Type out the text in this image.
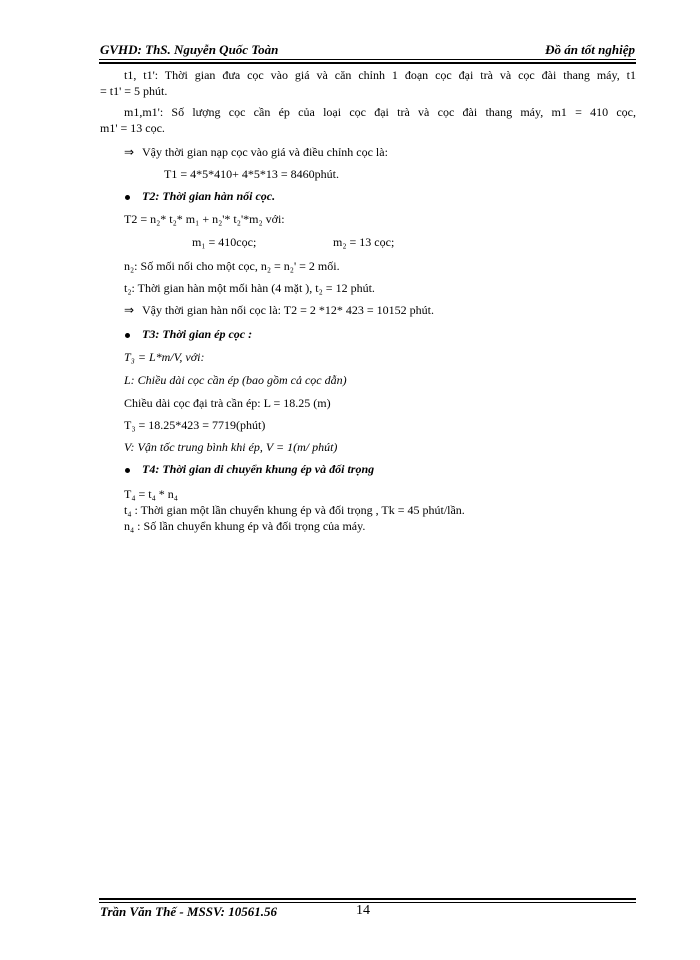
GVHD: ThS. Nguyễn Quốc Toàn	Đồ án tốt nghiệp
t1, t1': Thời gian đưa cọc vào giá và căn chỉnh 1 đoạn cọc đại trà và cọc đài thang máy, t1
= t1' = 5 phút.
m1,m1': Số lượng cọc cần ép của loại cọc đại trà và cọc đài thang máy, m1 = 410 cọc,
m1' = 13 cọc.
⇒ Vậy thời gian nạp cọc vào giá và điều chỉnh cọc là:
T1 = 4*5*410+ 4*5*13 = 8460phút.
T2: Thời gian hàn nối cọc.
T2 = n₂* t₂* m₁ + n₂'* t₂'*m₂ với:
m₁ = 410cọc;	m₂ = 13 cọc;
n₂: Số mối nối cho một cọc, n₂ = n₂' = 2 mối.
t₂: Thời gian hàn một mối hàn (4 mặt ), t₂ = 12 phút.
⇒ Vậy thời gian hàn nối cọc là: T2 = 2 *12* 423 = 10152 phút.
T3: Thời gian ép cọc :
T₃ = L*m/V, với:
L: Chiều dài cọc cần ép (bao gồm cả cọc dẫn)
Chiều dài cọc đại trà cần ép: L = 18.25 (m)
T₃ = 18.25*423 = 7719(phút)
V: Vận tốc trung bình khi ép, V = 1(m/ phút)
T4: Thời gian di chuyển khung ép và đối trọng
T₄ = t₄ * n₄
t₄ : Thời gian một lần chuyển khung ép và đối trọng , Tk = 45 phút/lần.
n₄ : Số lần chuyển khung ép và đối trọng của máy.
Trần Văn Thế - MSSV: 10561.56	14
